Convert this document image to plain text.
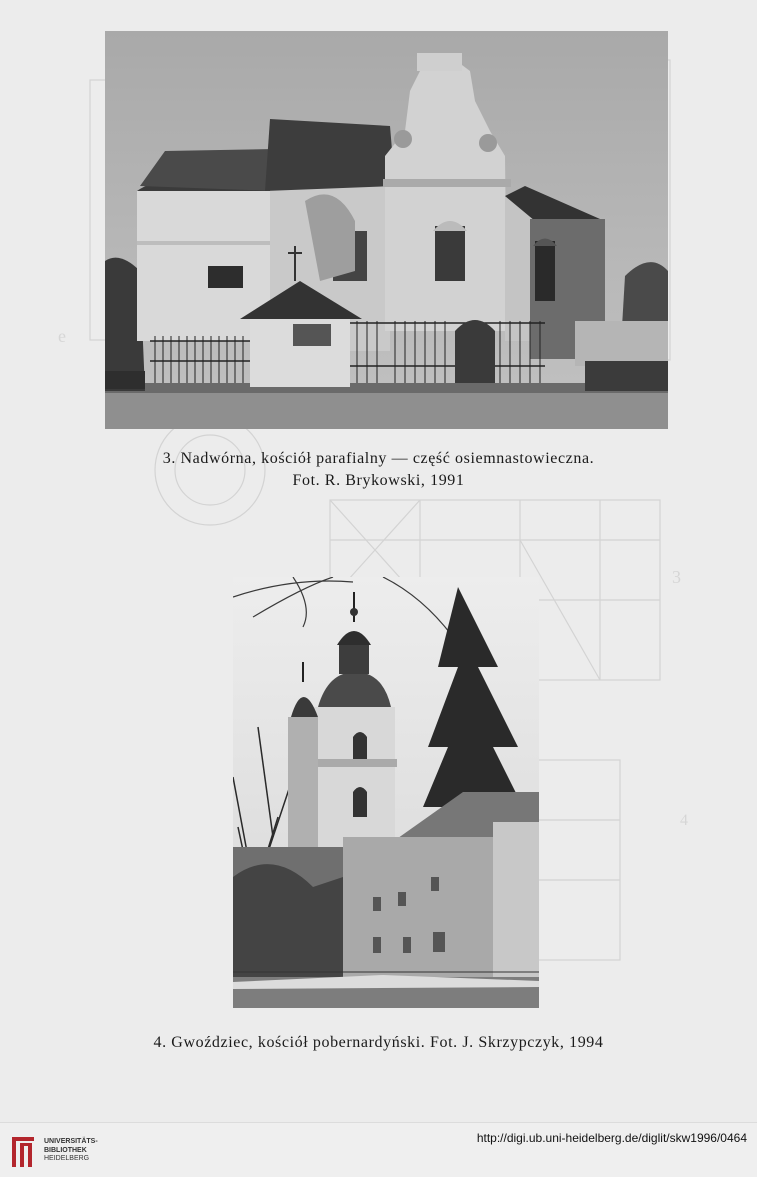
e
3
4
3. Nadwórna, kościół parafialny — część osiemnastowieczna.
Fot. R. Brykowski, 1991
4. Gwoździec, kościół pobernardyński. Fot. J. Skrzypczyk, 1994
UNIVERSITÄTS-
BIBLIOTHEK
HEIDELBERG
http://digi.ub.uni-heidelberg.de/diglit/skw1996/0464
